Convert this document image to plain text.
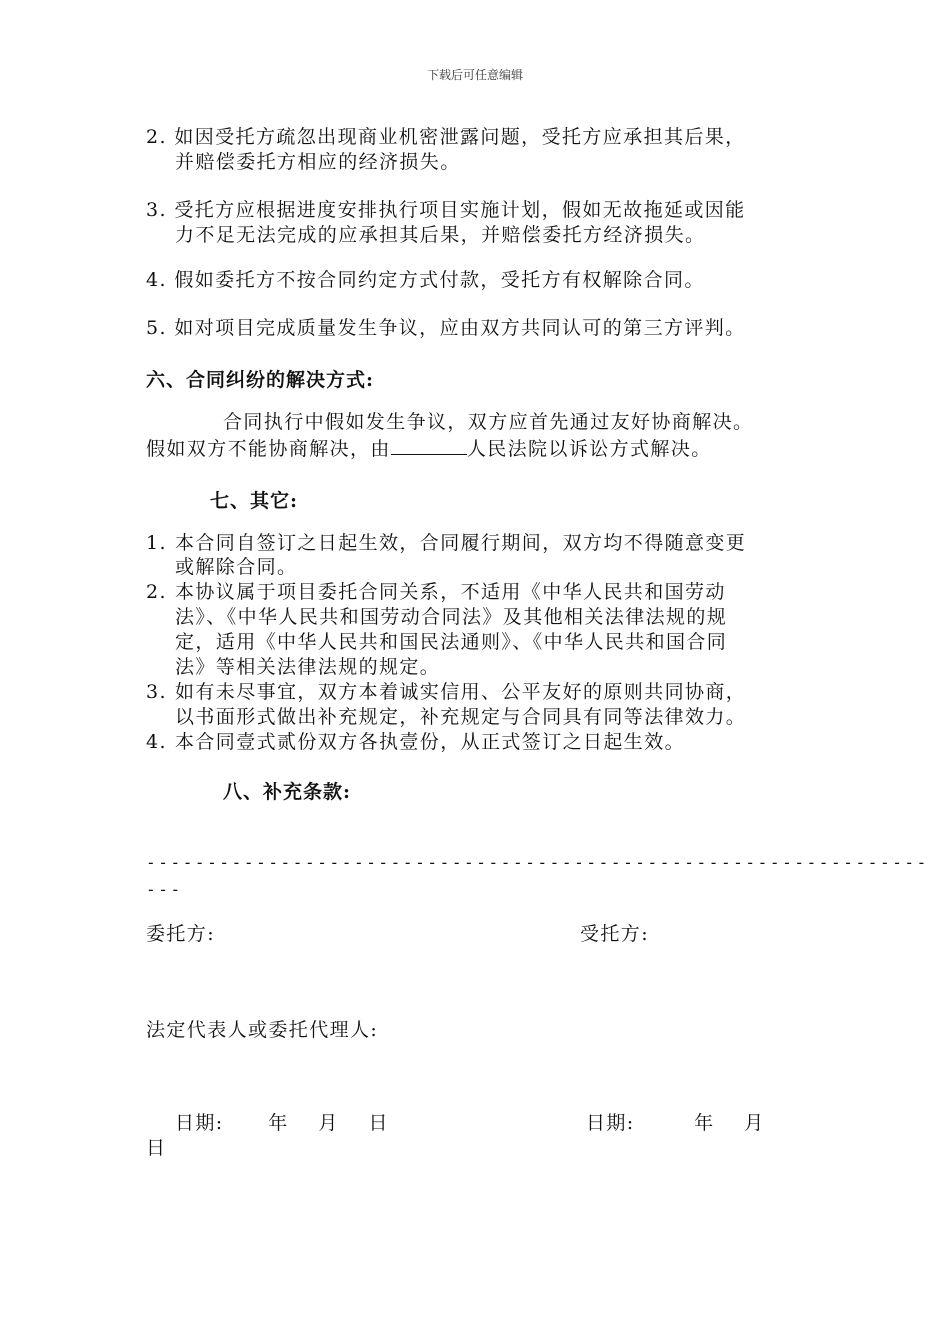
下载后可任意编辑
2. 如因受托方疏忽出现商业机密泄露问题，受托方应承担其后果，
并赔偿委托方相应的经济损失。
3. 受托方应根据进度安排执行项目实施计划，假如无故拖延或因能
力不足无法完成的应承担其后果，并赔偿委托方经济损失。
4. 假如委托方不按合同约定方式付款，受托方有权解除合同。
5. 如对项目完成质量发生争议，应由双方共同认可的第三方评判。
六、合同纠纷的解决方式:
合同执行中假如发生争议，双方应首先通过友好协商解决。
假如双方不能协商解决，由	人民法院以诉讼方式解决。
七、其它:
1. 本合同自签订之日起生效，合同履行期间，双方均不得随意变更
或解除合同。
2. 本协议属于项目委托合同关系，不适用《中华人民共和国劳动
法》、《中华人民共和国劳动合同法》及其他相关法律法规的规
定，适用《中华人民共和国民法通则》、《中华人民共和国合同
法》等相关法律法规的规定。
3. 如有未尽事宜，双方本着诚实信用、公平友好的原则共同协商，
以书面形式做出补充规定，补充规定与合同具有同等法律效力。
4. 本合同壹式贰份双方各执壹份，从正式签订之日起生效。
八、补充条款:
----------------------------------------------------------------
---
委托方:	受托方:
法定代表人或委托代理人:
日期:      年    月    日	日期:        年    月
日
